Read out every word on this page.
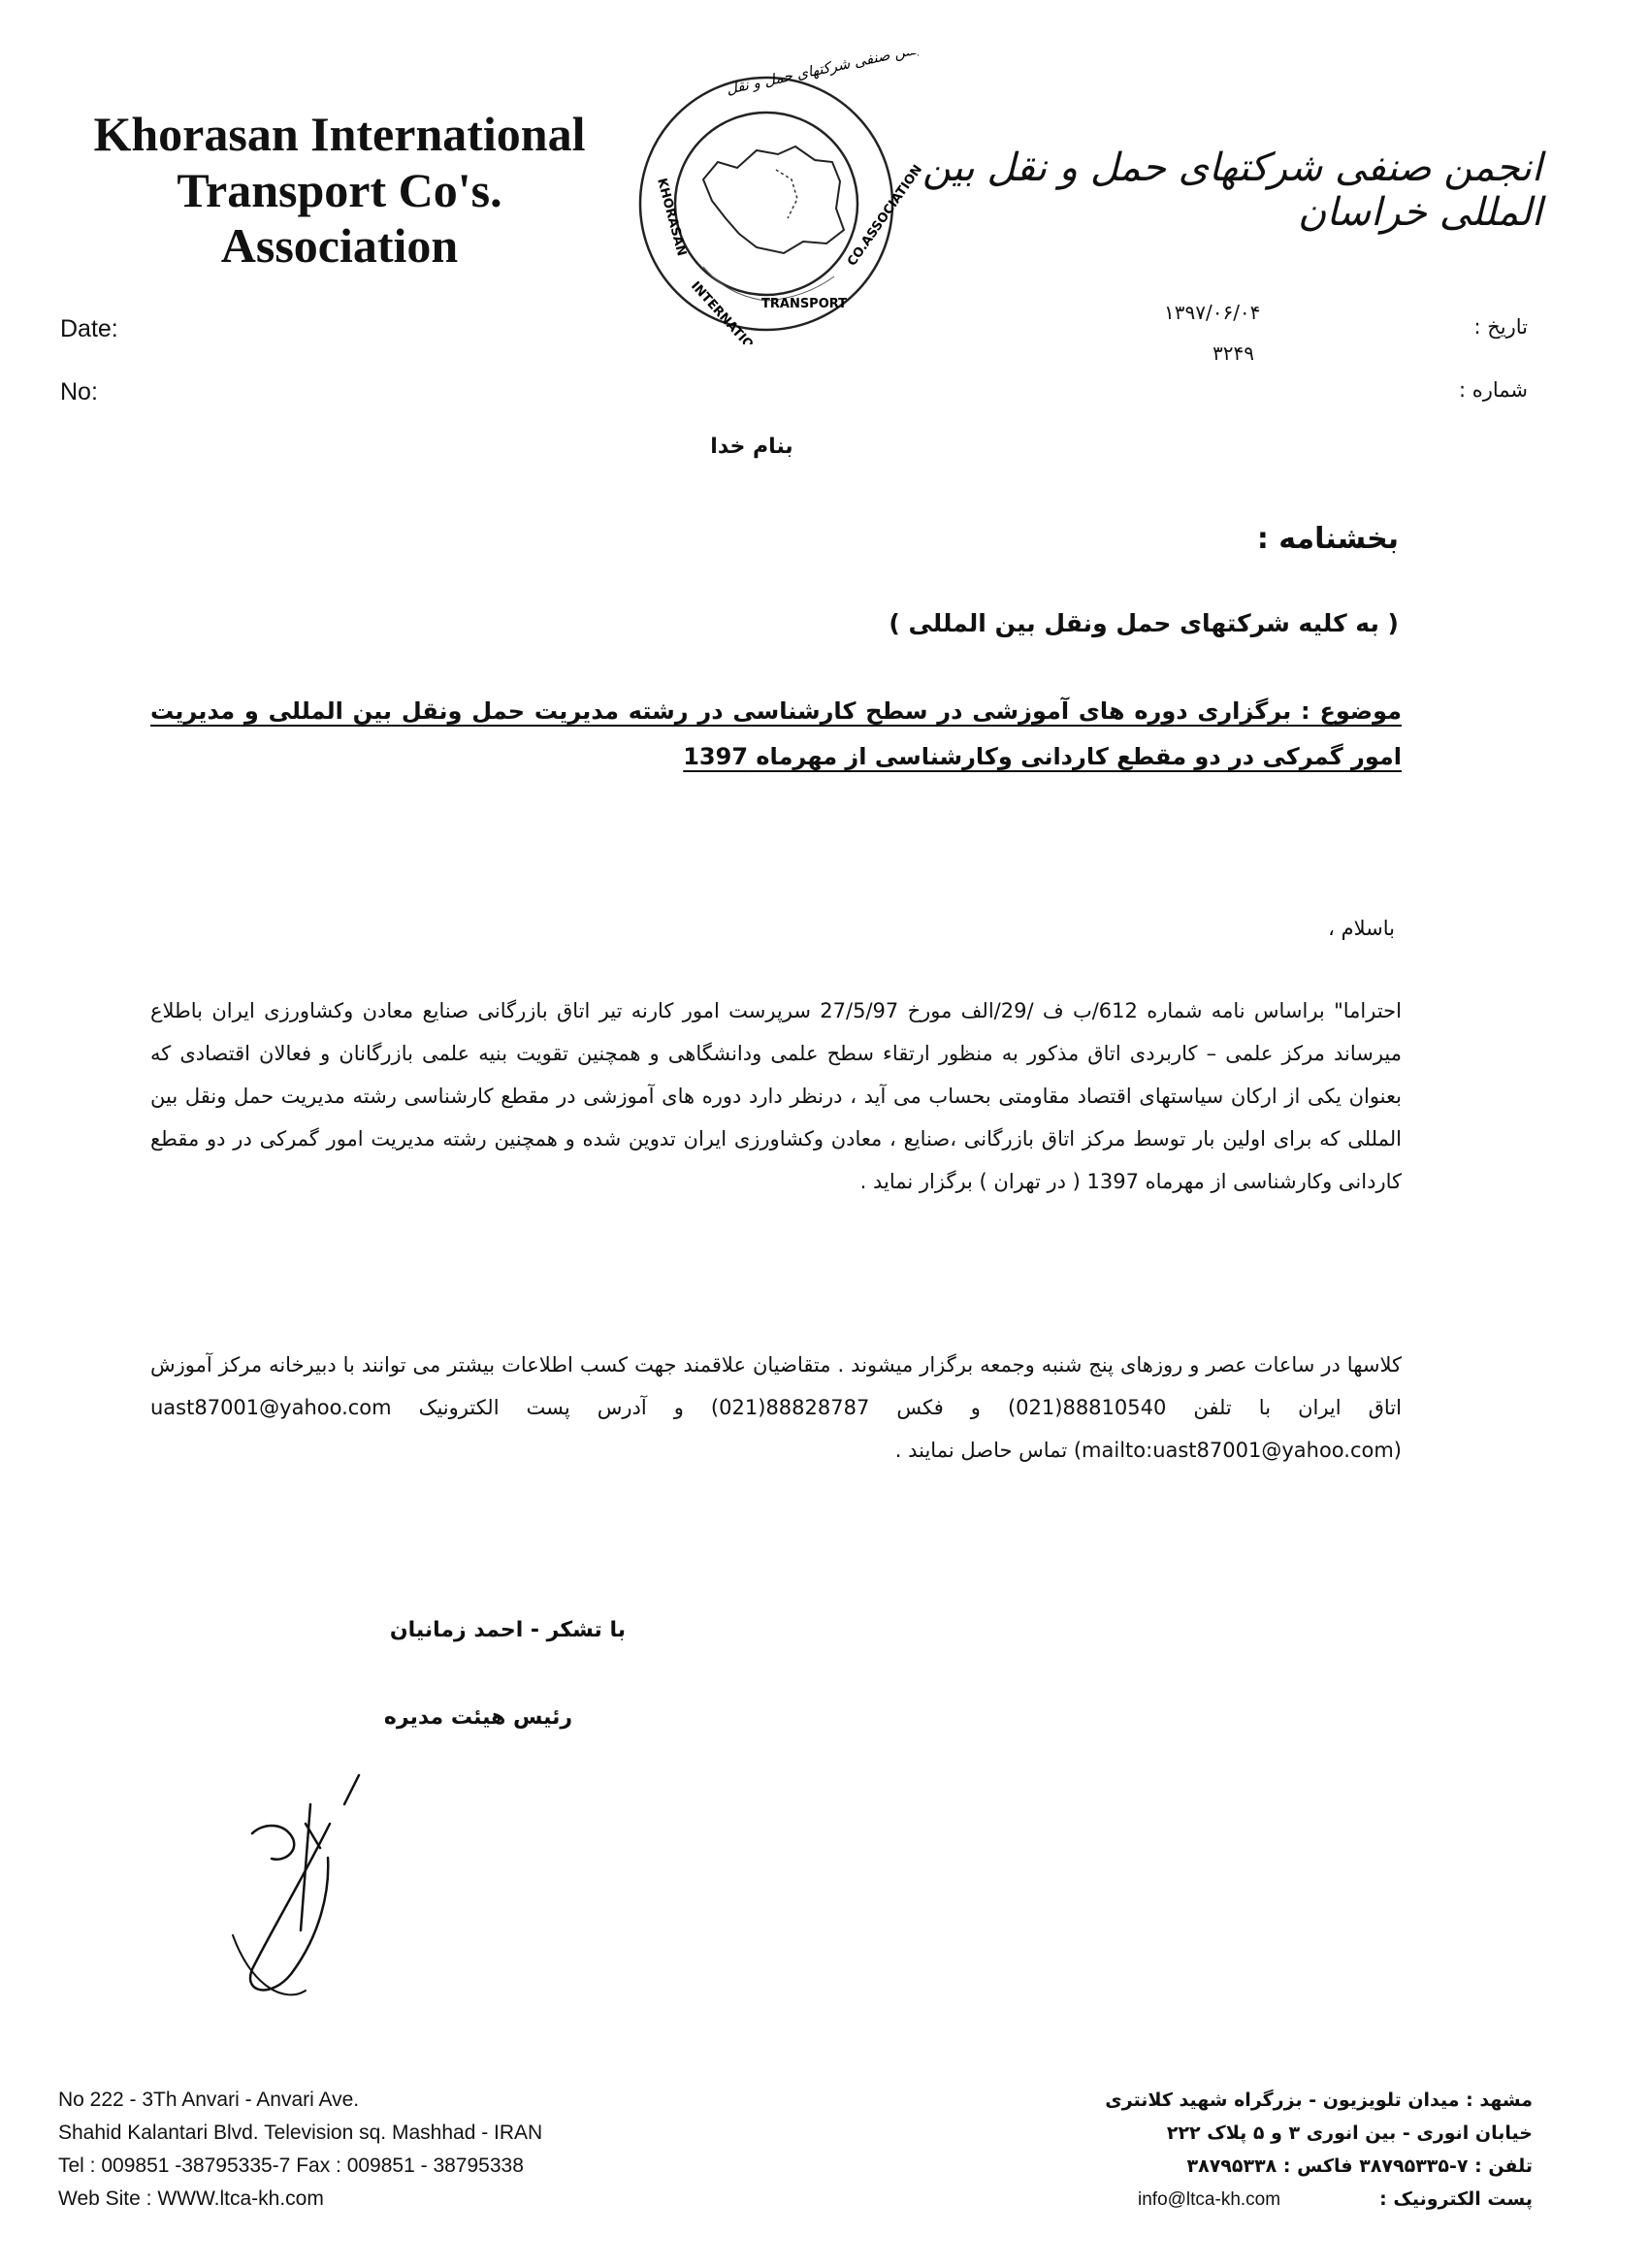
Khorasan International
Transport Co's. Association
INTERNATIONAL
TRANSPORT
CO.ASSOCIATION
KHORASAN
انجمن صنفی شرکتهای حمل و نقل
انجمن صنفی شرکتهای حمل و نقل بین المللی خراسان
Date:
No:
تاریخ :
شماره :
۱۳۹۷/۰۶/۰۴
۳۲۴۹
بنام خدا
بخشنامه :
( به کلیه شرکتهای حمل ونقل بین المللی )
موضوع : برگزاری دوره های آموزشی در سطح کارشناسی در رشته مدیریت حمل ونقل بین المللی و مدیریت امور گمرکی در دو مقطع کاردانی وکارشناسی از مهرماه 1397
باسلام ،
احتراما" براساس نامه شماره 612/ب ف /29/الف مورخ 27/5/97 سرپرست امور کارنه تیر اتاق بازرگانی صنایع معادن وکشاورزی ایران باطلاع میرساند مرکز علمی – کاربردی اتاق مذکور به منظور ارتقاء سطح علمی ودانشگاهی و همچنین تقویت بنیه علمی بازرگانان و فعالان اقتصادی که بعنوان یکی از ارکان سیاستهای اقتصاد مقاومتی بحساب می آید ، درنظر دارد دوره های آموزشی در مقطع کارشناسی رشته مدیریت حمل ونقل بین المللی که برای اولین بار توسط مرکز اتاق بازرگانی ،صنایع ، معادن وکشاورزی ایران تدوین شده و همچنین رشته مدیریت امور گمرکی در دو مقطع کاردانی وکارشناسی از مهرماه 1397 ( در تهران ) برگزار نماید .
کلاسها در ساعات عصر و روزهای پنج شنبه وجمعه برگزار میشوند . متقاضیان علاقمند جهت کسب اطلاعات بیشتر می توانند با دبیرخانه مرکز آموزش اتاق ایران با تلفن 88810540(021) و فکس 88828787(021) و آدرس پست الکترونیک uast87001@yahoo.com (mailto:uast87001@yahoo.com) تماس حاصل نمایند .
با تشکر - احمد زمانیان
رئیس هیئت مدیره
No 222 - 3Th Anvari - Anvari Ave.
Shahid Kalantari Blvd. Television sq. Mashhad - IRAN
Tel : 009851 -38795335-7 Fax : 009851 - 38795338
Web Site : WWW.ltca-kh.com
مشهد : میدان تلویزیون - بزرگراه شهید کلانتری
خیابان انوری - بین انوری ۳ و ۵ پلاک ۲۲۲
تلفن : ۷-۳۸۷۹۵۳۳۵ فاکس : ۳۸۷۹۵۳۳۸
پست الکترونیک :  info@ltca-kh.com
